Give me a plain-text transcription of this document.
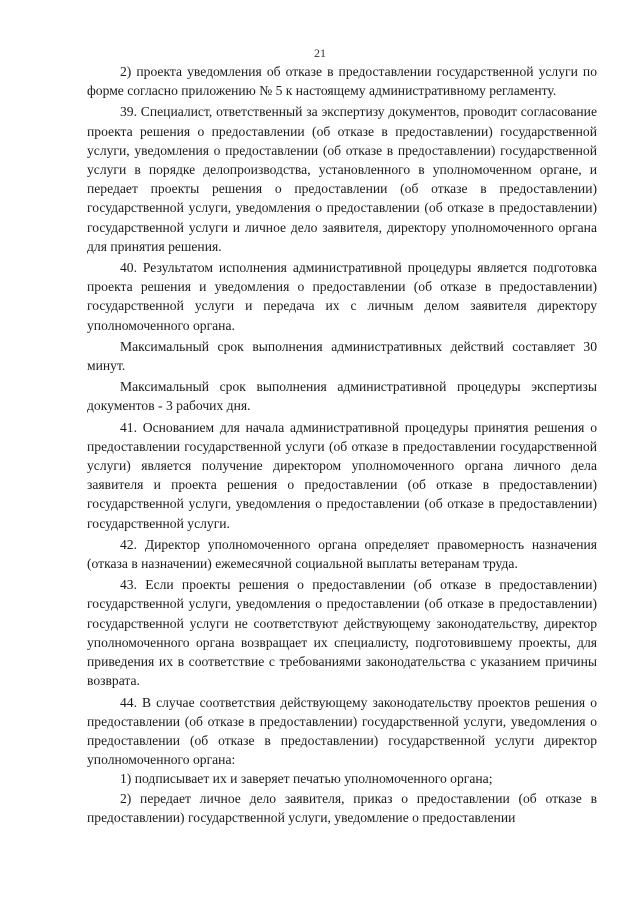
21

2) проекта уведомления об отказе в предоставлении государственной услуги по форме согласно приложению № 5 к настоящему административному регламенту.

39. Специалист, ответственный за экспертизу документов, проводит согласование проекта решения о предоставлении (об отказе в предоставлении) государственной услуги, уведомления о предоставлении (об отказе в предоставлении) государственной услуги в порядке делопроизводства, установленного в уполномоченном органе, и передает проекты решения о предоставлении (об отказе в предоставлении) государственной услуги, уведомления о предоставлении (об отказе в предоставлении) государственной услуги и личное дело заявителя, директору уполномоченного органа для принятия решения.

40. Результатом исполнения административной процедуры является подготовка проекта решения и уведомления о предоставлении (об отказе в предоставлении) государственной услуги и передача их с личным делом заявителя директору уполномоченного органа.

Максимальный срок выполнения административных действий составляет 30 минут.

Максимальный срок выполнения административной процедуры экспертизы документов - 3 рабочих дня.

41. Основанием для начала административной процедуры принятия решения о предоставлении государственной услуги (об отказе в предоставлении государственной услуги) является получение директором уполномоченного органа личного дела заявителя и проекта решения о предоставлении (об отказе в предоставлении) государственной услуги, уведомления о предоставлении (об отказе в предоставлении) государственной услуги.

42. Директор уполномоченного органа определяет правомерность назначения (отказа в назначении) ежемесячной социальной выплаты ветеранам труда.

43. Если проекты решения о предоставлении (об отказе в предоставлении) государственной услуги, уведомления о предоставлении (об отказе в предоставлении) государственной услуги не соответствуют действующему законодательству, директор уполномоченного органа возвращает их специалисту, подготовившему проекты, для приведения их в соответствие с требованиями законодательства с указанием причины возврата.

44. В случае соответствия действующему законодательству проектов решения о предоставлении (об отказе в предоставлении) государственной услуги, уведомления о предоставлении (об отказе в предоставлении) государственной услуги директор уполномоченного органа:

1) подписывает их и заверяет печатью уполномоченного органа;

2) передает личное дело заявителя, приказ о предоставлении (об отказе в предоставлении) государственной услуги, уведомление о предоставлении
